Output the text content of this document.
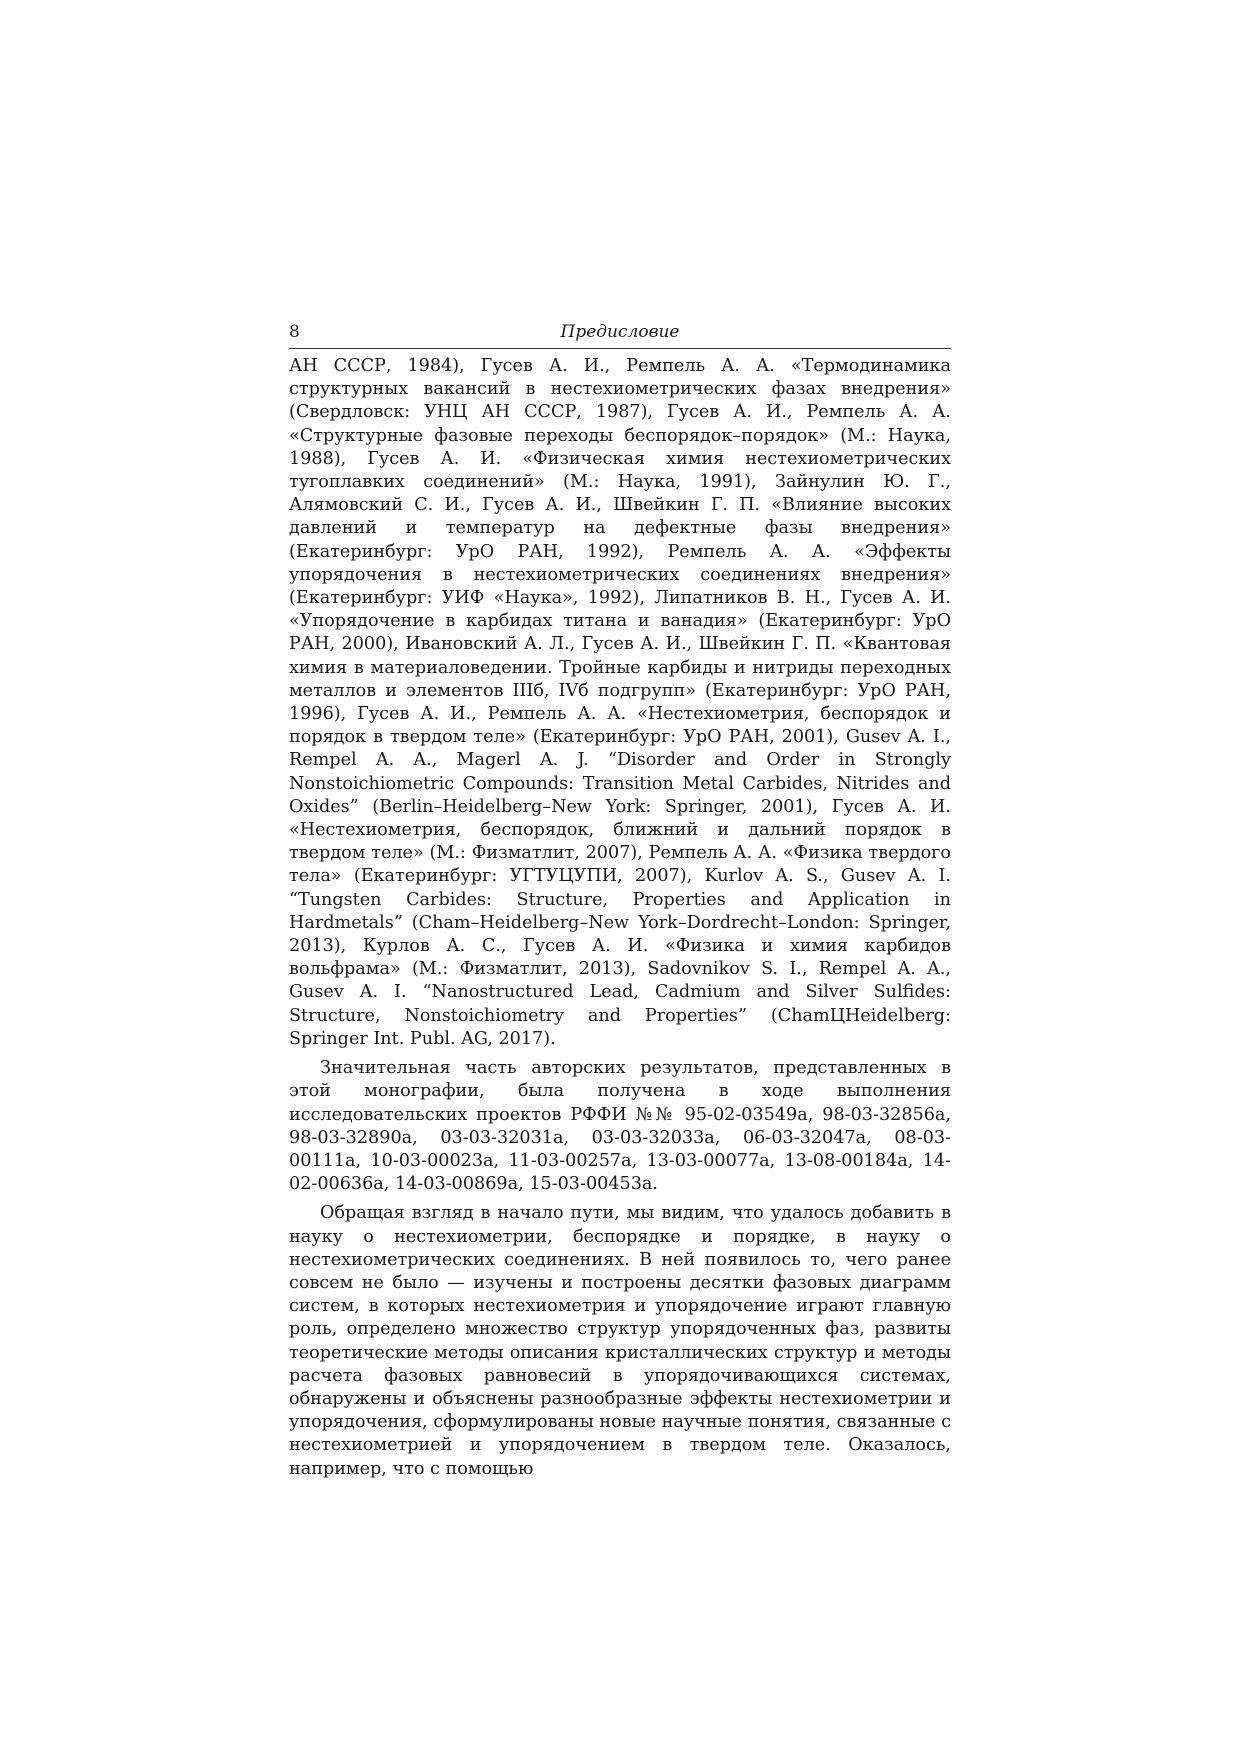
8	Предисловие

АН СССР, 1984), Гусев А. И., Ремпель А. А. «Термодинамика структурных вакансий в нестехиометрических фазах внедрения» (Свердловск: УНЦ АН СССР, 1987), Гусев А. И., Ремпель А. А. «Структурные фазовые переходы беспорядок–порядок» (М.: Наука, 1988), Гусев А. И. «Физическая химия нестехиометрических тугоплавких соединений» (М.: Наука, 1991), Зайнулин Ю. Г., Алямовский С. И., Гусев А. И., Швейкин Г. П. «Влияние высоких давлений и температур на дефектные фазы внедрения» (Екатеринбург: УрО РАН, 1992), Ремпель А. А. «Эффекты упорядочения в нестехиометрических соединениях внедрения» (Екатеринбург: УИФ «Наука», 1992), Липатников В. Н., Гусев А. И. «Упорядочение в карбидах титана и ванадия» (Екатеринбург: УрО РАН, 2000), Ивановский А. Л., Гусев А. И., Швейкин Г. П. «Квантовая химия в материаловедении. Тройные карбиды и нитриды переходных металлов и элементов IIIб, IVб подгрупп» (Екатеринбург: УрО РАН, 1996), Гусев А. И., Ремпель А. А. «Нестехиометрия, беспорядок и порядок в твердом теле» (Екатеринбург: УрО РАН, 2001), Gusev A. I., Rempel A. A., Magerl A. J. “Disorder and Order in Strongly Nonstoichiometric Compounds: Transition Metal Carbides, Nitrides and Oxides” (Berlin–Heidelberg–New York: Springer, 2001), Гусев А. И. «Нестехиометрия, беспорядок, ближний и дальний порядок в твердом теле» (М.: Физматлит, 2007), Ремпель А. А. «Физика твердого тела» (Екатеринбург: УГТУЦУПИ, 2007), Kurlov A. S., Gusev A. I. “Tungsten Carbides: Structure, Properties and Application in Hardmetals” (Cham–Heidelberg–New York–Dordrecht–London: Springer, 2013), Курлов А. С., Гусев А. И. «Физика и химия карбидов вольфрама» (М.: Физматлит, 2013), Sadovnikov S. I., Rempel A. A., Gusev A. I. “Nanostructured Lead, Cadmium and Silver Sulfides: Structure, Nonstoichiometry and Properties” (ChamЦHeidelberg: Springer Int. Publ. AG, 2017).

Значительная часть авторских результатов, представленных в этой монографии, была получена в ходе выполнения исследовательских проектов РФФИ №№ 95-02-03549а, 98-03-32856а, 98-03-32890а, 03-03-32031а, 03-03-32033а, 06-03-32047а, 08-03-00111а, 10-03-00023а, 11-03-00257а, 13-03-00077а, 13-08-00184а, 14-02-00636а, 14-03-00869а, 15-03-00453а.

Обращая взгляд в начало пути, мы видим, что удалось добавить в науку о нестехиометрии, беспорядке и порядке, в науку о нестехиометрических соединениях. В ней появилось то, чего ранее совсем не было — изучены и построены десятки фазовых диаграмм систем, в которых нестехиометрия и упорядочение играют главную роль, определено множество структур упорядоченных фаз, развиты теоретические методы описания кристаллических структур и методы расчета фазовых равновесий в упорядочивающихся системах, обнаружены и объяснены разнообразные эффекты нестехиометрии и упорядочения, сформулированы новые научные понятия, связанные с нестехиометрией и упорядочением в твердом теле. Оказалось, например, что с помощью
